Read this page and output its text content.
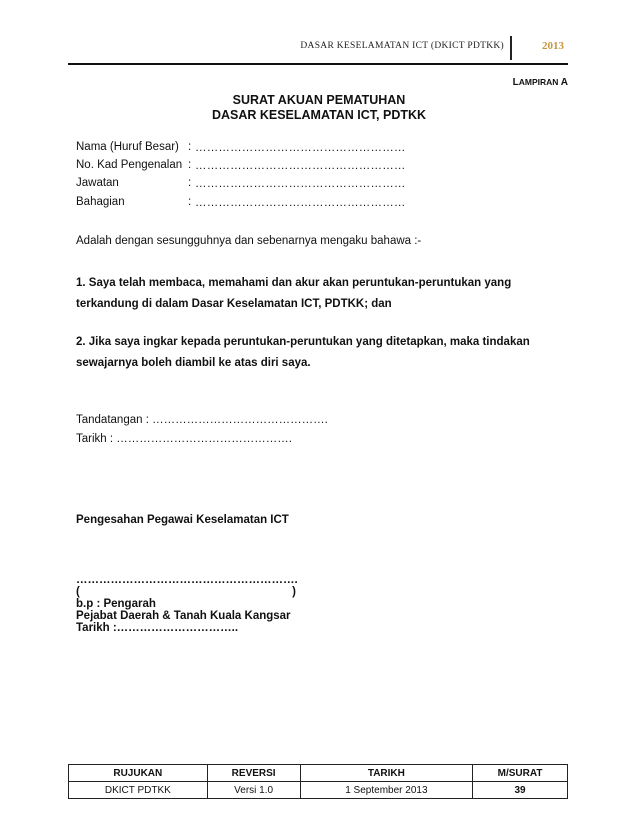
DASAR KESELAMATAN ICT (DKICT PDTKK)	2013
LAMPIRAN A
SURAT AKUAN PEMATUHAN
DASAR KESELAMATAN ICT, PDTKK
Nama (Huruf Besar) : ………………………………………………
No. Kad Pengenalan : ………………………………………………
Jawatan	: ………………………………………………
Bahagian	: ………………………………………………
Adalah dengan sesungguhnya dan sebenarnya mengaku bahawa :-
1. Saya telah membaca, memahami dan akur akan peruntukan-peruntukan yang
terkandung di dalam Dasar Keselamatan ICT, PDTKK; dan
2. Jika saya ingkar kepada peruntukan-peruntukan yang ditetapkan, maka tindakan
sewajarnya boleh diambil ke atas diri saya.
Tandatangan : ……………………………………….
Tarikh : ……………………………………….
Pengesahan Pegawai Keselamatan ICT
………………………………………………….
(	)
b.p : Pengarah
Pejabat Daerah & Tanah Kuala Kangsar
Tarikh :…………………………..
RUJUKAN	REVERSI	TARIKH	M/SURAT
DKICT PDTKK	Versi 1.0	1 September 2013	39
